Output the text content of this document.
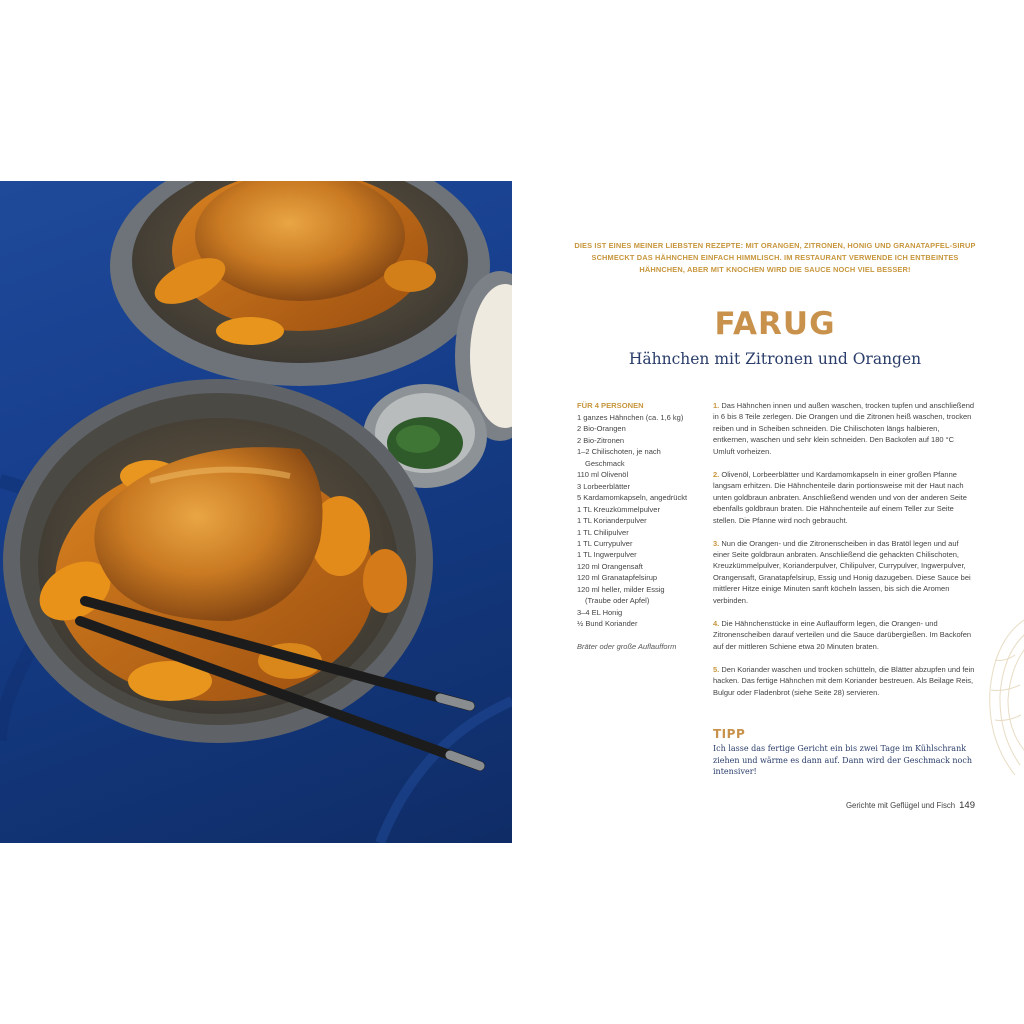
DIES IST EINES MEINER LIEBSTEN REZEPTE: MIT ORANGEN, ZITRONEN, HONIG UND GRANATAPFEL-SIRUP SCHMECKT DAS HÄHNCHEN EINFACH HIMMLISCH. IM RESTAURANT VERWENDE ICH ENTBEINTES HÄHNCHEN, ABER MIT KNOCHEN WIRD DIE SAUCE NOCH VIEL BESSER!
FARUG
Hähnchen mit Zitronen und Orangen
FÜR 4 PERSONEN
1 ganzes Hähnchen (ca. 1,6 kg)
2 Bio-Orangen
2 Bio-Zitronen
1–2 Chilischoten, je nach
Geschmack
110 ml Olivenöl
3 Lorbeerblätter
5 Kardamomkapseln, angedrückt
1 TL Kreuzkümmelpulver
1 TL Korianderpulver
1 TL Chilipulver
1 TL Currypulver
1 TL Ingwerpulver
120 ml Orangensaft
120 ml Granatapfelsirup
120 ml heller, milder Essig
(Traube oder Apfel)
3–4 EL Honig
½ Bund Koriander
Bräter oder große Auflaufform

1. Das Hähnchen innen und außen waschen, trocken tupfen und anschließend in 6 bis 8 Teile zerlegen. Die Orangen und die Zitronen heiß waschen, trocken reiben und in Scheiben schneiden. Die Chilischoten längs halbieren, entkernen, waschen und sehr klein schneiden. Den Backofen auf 180 °C Umluft vorheizen.

2. Olivenöl, Lorbeerblätter und Kardamomkapseln in einer großen Pfanne langsam erhitzen. Die Hähnchenteile darin portionsweise mit der Haut nach unten goldbraun anbraten. Anschließend wenden und von der anderen Seite ebenfalls goldbraun braten. Die Hähnchenteile auf einem Teller zur Seite stellen. Die Pfanne wird noch gebraucht.

3. Nun die Orangen- und die Zitronenscheiben in das Bratöl legen und auf einer Seite goldbraun anbraten. Anschließend die gehackten Chilischoten, Kreuzkümmelpulver, Korianderpulver, Chilipulver, Currypulver, Ingwerpulver, Orangensaft, Granatapfelsirup, Essig und Honig dazugeben. Diese Sauce bei mittlerer Hitze einige Minuten sanft köcheln lassen, bis sich die Aromen verbinden.

4. Die Hähnchenstücke in eine Auflaufform legen, die Orangen- und Zitronenscheiben darauf verteilen und die Sauce darübergießen. Im Backofen auf der mittleren Schiene etwa 20 Minuten braten.

5. Den Koriander waschen und trocken schütteln, die Blätter abzupfen und fein hacken. Das fertige Hähnchen mit dem Koriander bestreuen. Als Beilage Reis, Bulgur oder Fladenbrot (siehe Seite 28) servieren.

TIPP
Ich lasse das fertige Gericht ein bis zwei Tage im Kühlschrank ziehen und wärme es dann auf. Dann wird der Geschmack noch intensiver!
Gerichte mit Geflügel und Fisch 149
